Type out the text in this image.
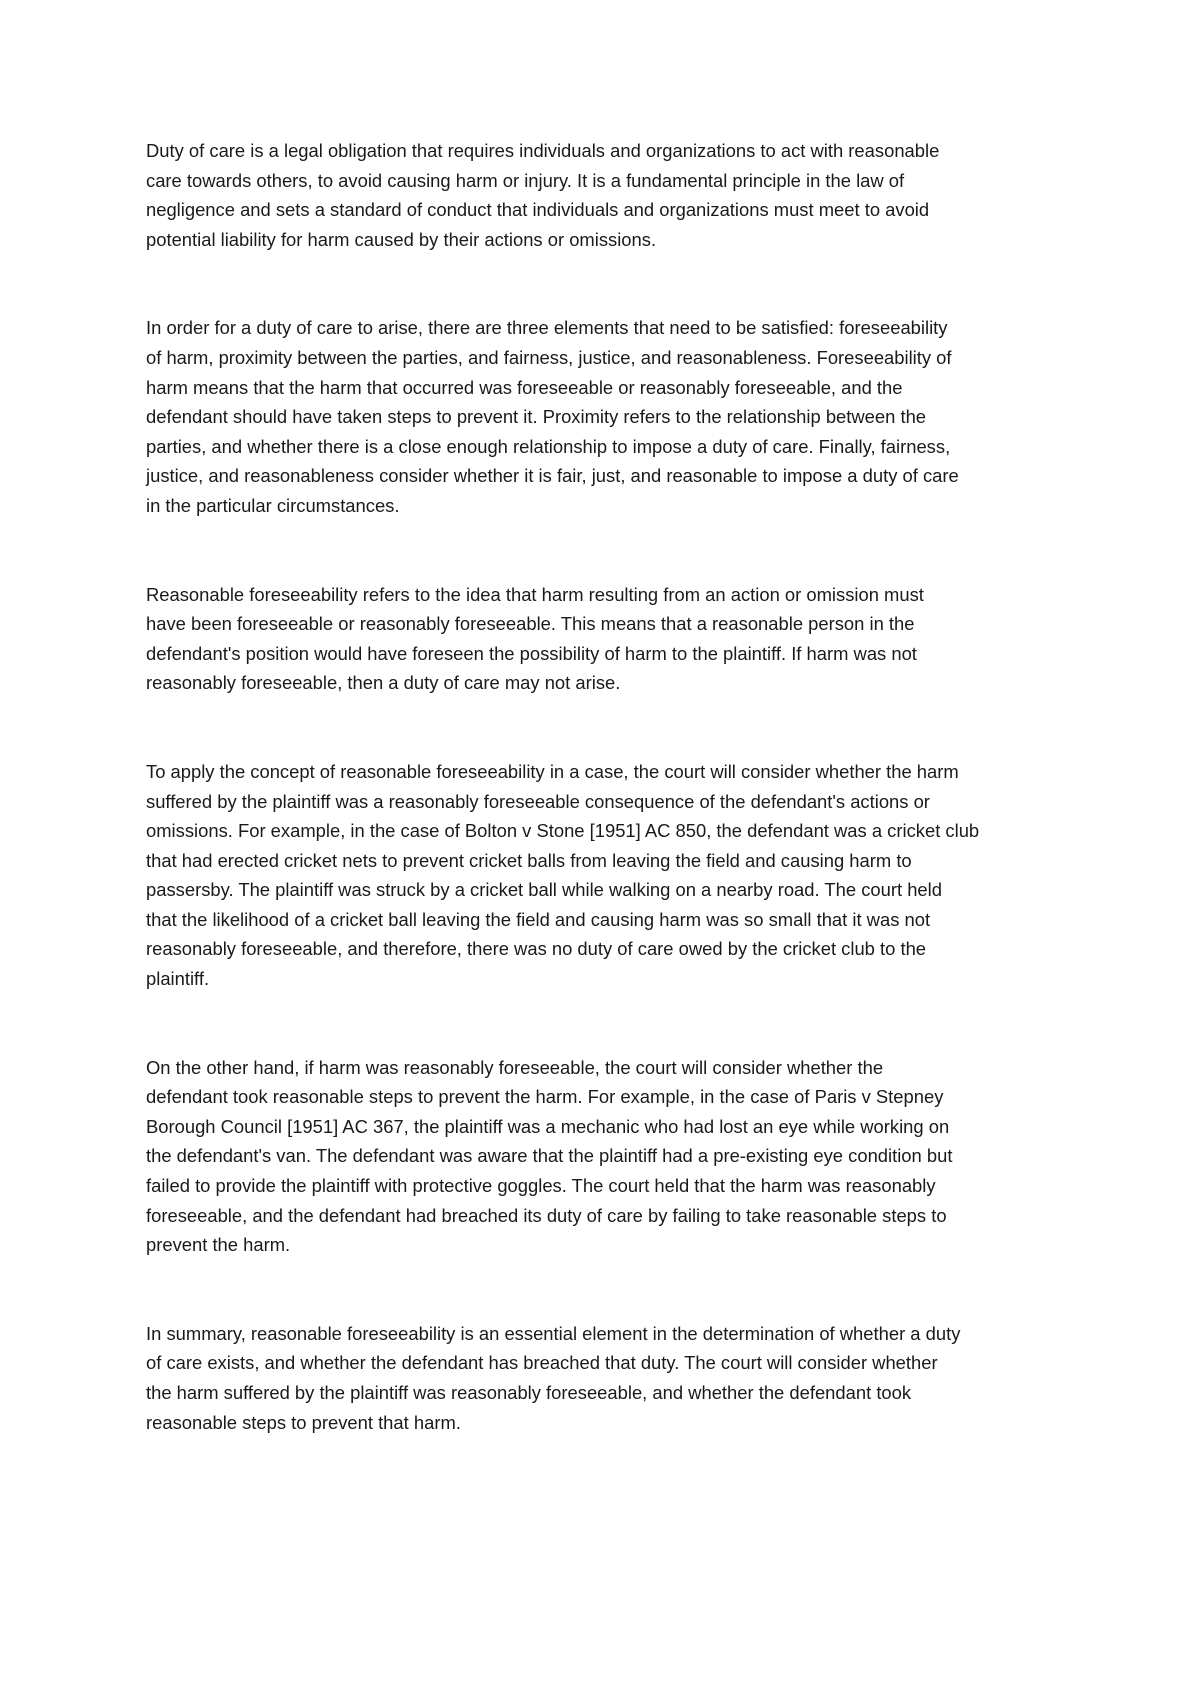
Duty of care is a legal obligation that requires individuals and organizations to act with reasonable
care towards others, to avoid causing harm or injury. It is a fundamental principle in the law of
negligence and sets a standard of conduct that individuals and organizations must meet to avoid
potential liability for harm caused by their actions or omissions.

In order for a duty of care to arise, there are three elements that need to be satisfied: foreseeability
of harm, proximity between the parties, and fairness, justice, and reasonableness. Foreseeability of
harm means that the harm that occurred was foreseeable or reasonably foreseeable, and the
defendant should have taken steps to prevent it. Proximity refers to the relationship between the
parties, and whether there is a close enough relationship to impose a duty of care. Finally, fairness,
justice, and reasonableness consider whether it is fair, just, and reasonable to impose a duty of care
in the particular circumstances.

Reasonable foreseeability refers to the idea that harm resulting from an action or omission must
have been foreseeable or reasonably foreseeable. This means that a reasonable person in the
defendant's position would have foreseen the possibility of harm to the plaintiff. If harm was not
reasonably foreseeable, then a duty of care may not arise.

To apply the concept of reasonable foreseeability in a case, the court will consider whether the harm
suffered by the plaintiff was a reasonably foreseeable consequence of the defendant's actions or
omissions. For example, in the case of Bolton v Stone [1951] AC 850, the defendant was a cricket club
that had erected cricket nets to prevent cricket balls from leaving the field and causing harm to
passersby. The plaintiff was struck by a cricket ball while walking on a nearby road. The court held
that the likelihood of a cricket ball leaving the field and causing harm was so small that it was not
reasonably foreseeable, and therefore, there was no duty of care owed by the cricket club to the
plaintiff.

On the other hand, if harm was reasonably foreseeable, the court will consider whether the
defendant took reasonable steps to prevent the harm. For example, in the case of Paris v Stepney
Borough Council [1951] AC 367, the plaintiff was a mechanic who had lost an eye while working on
the defendant's van. The defendant was aware that the plaintiff had a pre-existing eye condition but
failed to provide the plaintiff with protective goggles. The court held that the harm was reasonably
foreseeable, and the defendant had breached its duty of care by failing to take reasonable steps to
prevent the harm.

In summary, reasonable foreseeability is an essential element in the determination of whether a duty
of care exists, and whether the defendant has breached that duty. The court will consider whether
the harm suffered by the plaintiff was reasonably foreseeable, and whether the defendant took
reasonable steps to prevent that harm.
